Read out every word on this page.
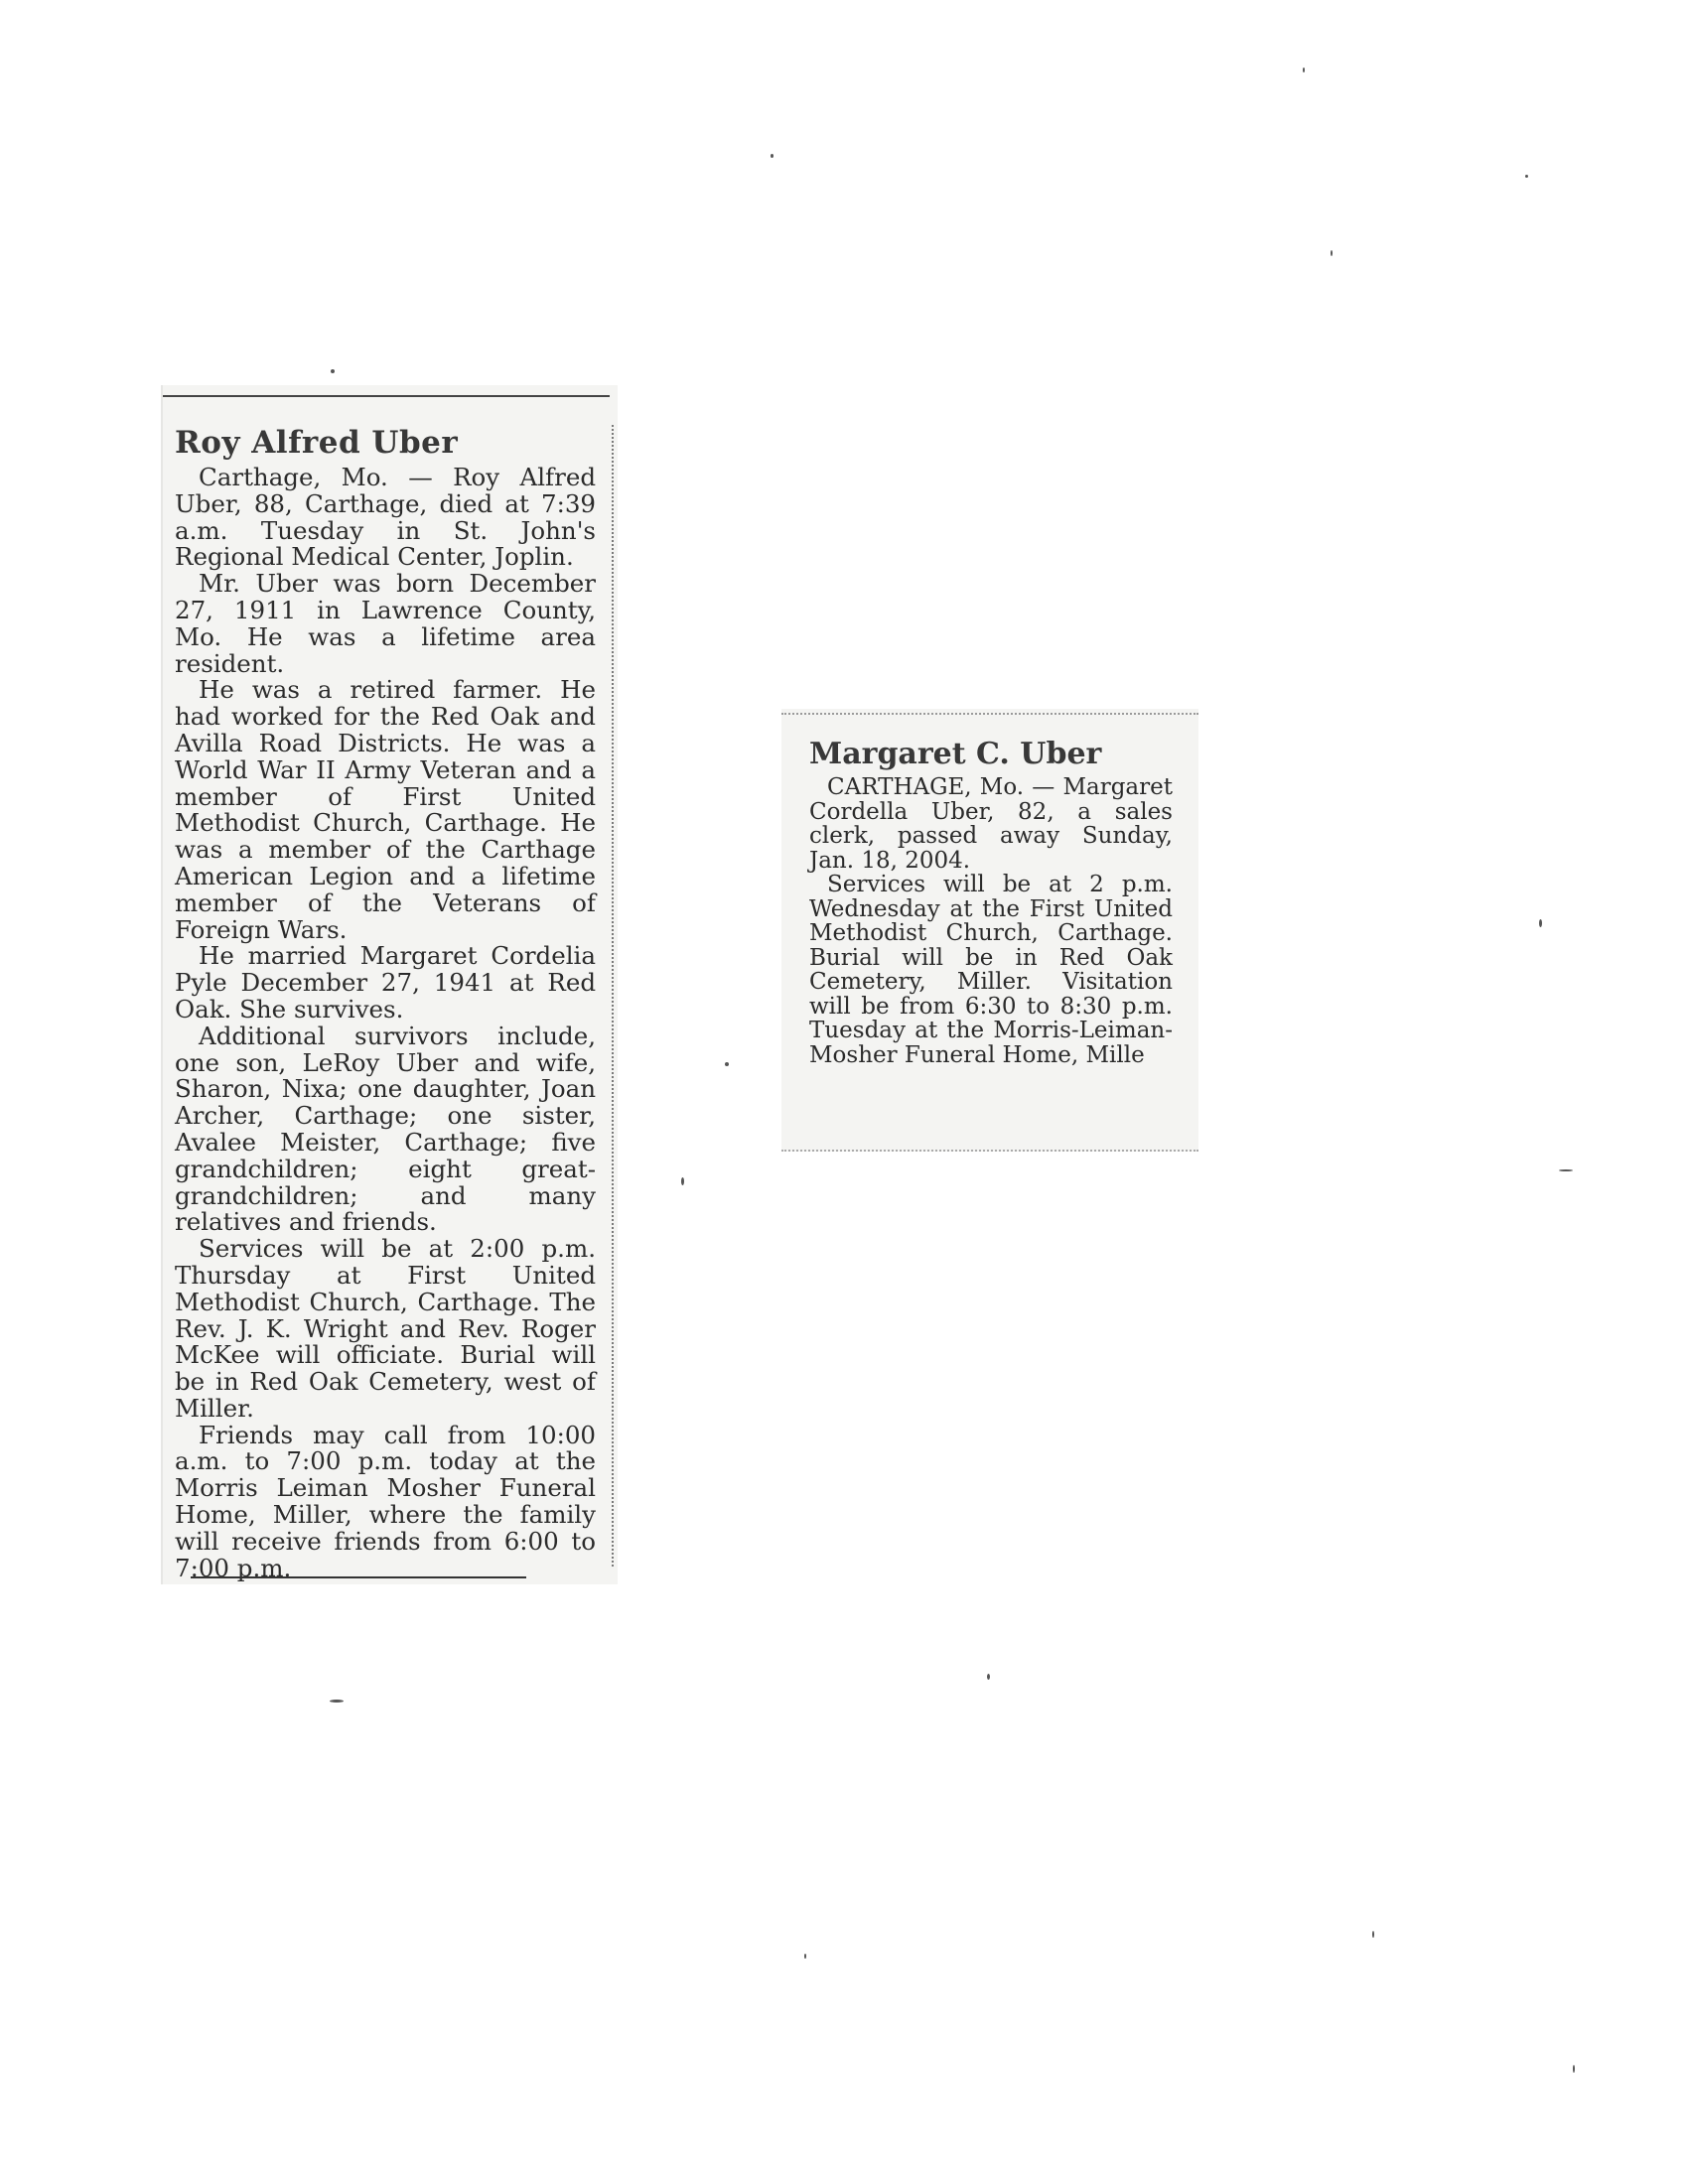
Roy Alfred Uber

Carthage, Mo. — Roy Alfred Uber, 88, Carthage, died at 7:39 a.m. Tuesday in St. John's Regional Medical Center, Joplin.

Mr. Uber was born December 27, 1911 in Lawrence County, Mo. He was a lifetime area resident.

He was a retired farmer. He had worked for the Red Oak and Avilla Road Districts. He was a World War II Army Veteran and a member of First United Methodist Church, Carthage. He was a member of the Carthage American Legion and a lifetime member of the Veterans of Foreign Wars.

He married Margaret Cordelia Pyle December 27, 1941 at Red Oak. She survives.

Additional survivors include, one son, LeRoy Uber and wife, Sharon, Nixa; one daughter, Joan Archer, Carthage; one sister, Avalee Meister, Carthage; five grandchildren; eight great-grandchildren; and many relatives and friends.

Services will be at 2:00 p.m. Thursday at First United Methodist Church, Carthage. The Rev. J. K. Wright and Rev. Roger McKee will officiate. Burial will be in Red Oak Cemetery, west of Miller.

Friends may call from 10:00 a.m. to 7:00 p.m. today at the Morris Leiman Mosher Funeral Home, Miller, where the family will receive friends from 6:00 to 7:00 p.m.

Margaret C. Uber

CARTHAGE, Mo. — Margaret Cordella Uber, 82, a sales clerk, passed away Sunday, Jan. 18, 2004.

Services will be at 2 p.m. Wednesday at the First United Methodist Church, Carthage. Burial will be in Red Oak Cemetery, Miller. Visitation will be from 6:30 to 8:30 p.m. Tuesday at the Morris-Leiman-Mosher Funeral Home, Mille
